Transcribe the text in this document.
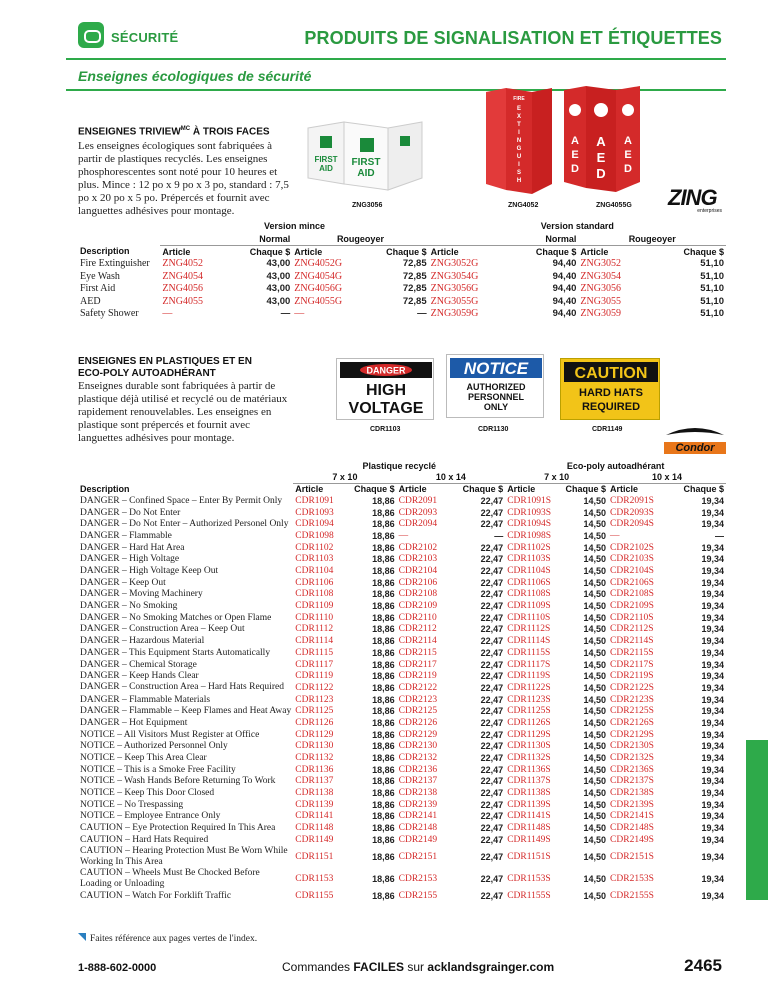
SÉCURITÉ	PRODUITS DE SIGNALISATION ET ÉTIQUETTES
Enseignes écologiques de sécurité
ENSEIGNES $TRIVIEW^{MC}$ À TROIS FACES
Les enseignes écologiques sont fabriquées à partir de plastiques recyclés. Les enseignes phosphorescentes sont noté pour 10 heures et plus. Mince : 12 po x 9 po x 3 po, standard : 7,5 po x 20 po x 5 po. Prépercés et fournit avec languettes adhésives pour montage.
FIRST
AID
FIRST
AID
ZNG3056
FIRE
E
X
T
I
N
G
U
I
S
H
ZNG4052
A
E
D
A
E
D
A
E
D
ZNG4055G ZING
enterprises
	Version mince				Version standard			
	Normal		Rougeoyer		Normal		Rougeoyer	
Description	Article	Chaque $	Article	Chaque $	Article	Chaque $	Article	Chaque $
Fire Extinguisher	ZNG4052	43,00	ZNG4052G	72,85	ZNG3052G	94,40	ZNG3052	51,10
Eye Wash	ZNG4054	43,00	ZNG4054G	72,85	ZNG3054G	94,40	ZNG3054	51,10
First Aid	ZNG4056	43,00	ZNG4056G	72,85	ZNG3056G	94,40	ZNG3056	51,10
AED	ZNG4055	43,00	ZNG4055G	72,85	ZNG3055G	94,40	ZNG3055	51,10
Safety Shower	—	—	—	—	ZNG3059G	94,40	ZNG3059	51,10
ENSEIGNES EN PLASTIQUES ET EN
ECO-POLY AUTOADHÉRANT
Enseignes durable sont fabriquées à partir de plastique déjà utilisé et recyclé ou de matériaux rapidement renouvelables. Les enseignes en plastique sont prépercés et fournit avec languettes adhésives pour montage.
DANGER
HIGH
VOLTAGE
CDR1103
NOTICE
AUTHORIZED
PERSONNEL
ONLY
CDR1130
CAUTION
HARD HATS
REQUIRED
CDR1149
Condor
	Plastique recyclé				Eco-poly autoadhérant			
	7 x 10		10 x 14		7 x 10		10 x 14	
Description	Article	Chaque $	Article	Chaque $	Article	Chaque $	Article	Chaque $
DANGER – Confined Space – Enter By Permit Only	CDR1091	18,86	CDR2091	22,47	CDR1091S	14,50	CDR2091S	19,34
DANGER – Do Not Enter	CDR1093	18,86	CDR2093	22,47	CDR1093S	14,50	CDR2093S	19,34
DANGER – Do Not Enter – Authorized Personel Only	CDR1094	18,86	CDR2094	22,47	CDR1094S	14,50	CDR2094S	19,34
DANGER – Flammable	CDR1098	18,86	—	—	CDR1098S	14,50	—	—
DANGER – Hard Hat Area	CDR1102	18,86	CDR2102	22,47	CDR1102S	14,50	CDR2102S	19,34
DANGER – High Voltage	CDR1103	18,86	CDR2103	22,47	CDR1103S	14,50	CDR2103S	19,34
DANGER – High Voltage Keep Out	CDR1104	18,86	CDR2104	22,47	CDR1104S	14,50	CDR2104S	19,34
DANGER – Keep Out	CDR1106	18,86	CDR2106	22,47	CDR1106S	14,50	CDR2106S	19,34
DANGER – Moving Machinery	CDR1108	18,86	CDR2108	22,47	CDR1108S	14,50	CDR2108S	19,34
DANGER – No Smoking	CDR1109	18,86	CDR2109	22,47	CDR1109S	14,50	CDR2109S	19,34
DANGER – No Smoking Matches or Open Flame	CDR1110	18,86	CDR2110	22,47	CDR1110S	14,50	CDR2110S	19,34
DANGER – Construction Area – Keep Out	CDR1112	18,86	CDR2112	22,47	CDR1112S	14,50	CDR2112S	19,34
DANGER – Hazardous Material	CDR1114	18,86	CDR2114	22,47	CDR1114S	14,50	CDR2114S	19,34
DANGER – This Equipment Starts Automatically	CDR1115	18,86	CDR2115	22,47	CDR1115S	14,50	CDR2115S	19,34
DANGER – Chemical Storage	CDR1117	18,86	CDR2117	22,47	CDR1117S	14,50	CDR2117S	19,34
DANGER – Keep Hands Clear	CDR1119	18,86	CDR2119	22,47	CDR1119S	14,50	CDR2119S	19,34
DANGER – Construction Area – Hard Hats Required	CDR1122	18,86	CDR2122	22,47	CDR1122S	14,50	CDR2122S	19,34
DANGER – Flammable Materials	CDR1123	18,86	CDR2123	22,47	CDR1123S	14,50	CDR2123S	19,34
DANGER – Flammable – Keep Flames and Heat Away	CDR1125	18,86	CDR2125	22,47	CDR1125S	14,50	CDR2125S	19,34
DANGER – Hot Equipment	CDR1126	18,86	CDR2126	22,47	CDR1126S	14,50	CDR2126S	19,34
NOTICE – All Visitors Must Register at Office	CDR1129	18,86	CDR2129	22,47	CDR1129S	14,50	CDR2129S	19,34
NOTICE – Authorized Personnel Only	CDR1130	18,86	CDR2130	22,47	CDR1130S	14,50	CDR2130S	19,34
NOTICE – Keep This Area Clear	CDR1132	18,86	CDR2132	22,47	CDR1132S	14,50	CDR2132S	19,34
NOTICE – This is a Smoke Free Facility	CDR1136	18,86	CDR2136	22,47	CDR1136S	14,50	CDR2136S	19,34
NOTICE – Wash Hands Before Returning To Work	CDR1137	18,86	CDR2137	22,47	CDR1137S	14,50	CDR2137S	19,34
NOTICE – Keep This Door Closed	CDR1138	18,86	CDR2138	22,47	CDR1138S	14,50	CDR2138S	19,34
NOTICE – No Trespassing	CDR1139	18,86	CDR2139	22,47	CDR1139S	14,50	CDR2139S	19,34
NOTICE – Employee Entrance Only	CDR1141	18,86	CDR2141	22,47	CDR1141S	14,50	CDR2141S	19,34
CAUTION – Eye Protection Required In This Area	CDR1148	18,86	CDR2148	22,47	CDR1148S	14,50	CDR2148S	19,34
CAUTION – Hard Hats Required	CDR1149	18,86	CDR2149	22,47	CDR1149S	14,50	CDR2149S	19,34
CAUTION – Hearing Protection Must Be Worn While Working In This Area	CDR1151	18,86	CDR2151	22,47	CDR1151S	14,50	CDR2151S	19,34
CAUTION – Wheels Must Be Chocked Before Loading or Unloading	CDR1153	18,86	CDR2153	22,47	CDR1153S	14,50	CDR2153S	19,34
CAUTION – Watch For Forklift Traffic	CDR1155	18,86	CDR2155	22,47	CDR1155S	14,50	CDR2155S	19,34
Faites référence aux pages vertes de l'index.
1-888-602-0000	Commandes FACILES sur acklandsgrainger.com	2465
